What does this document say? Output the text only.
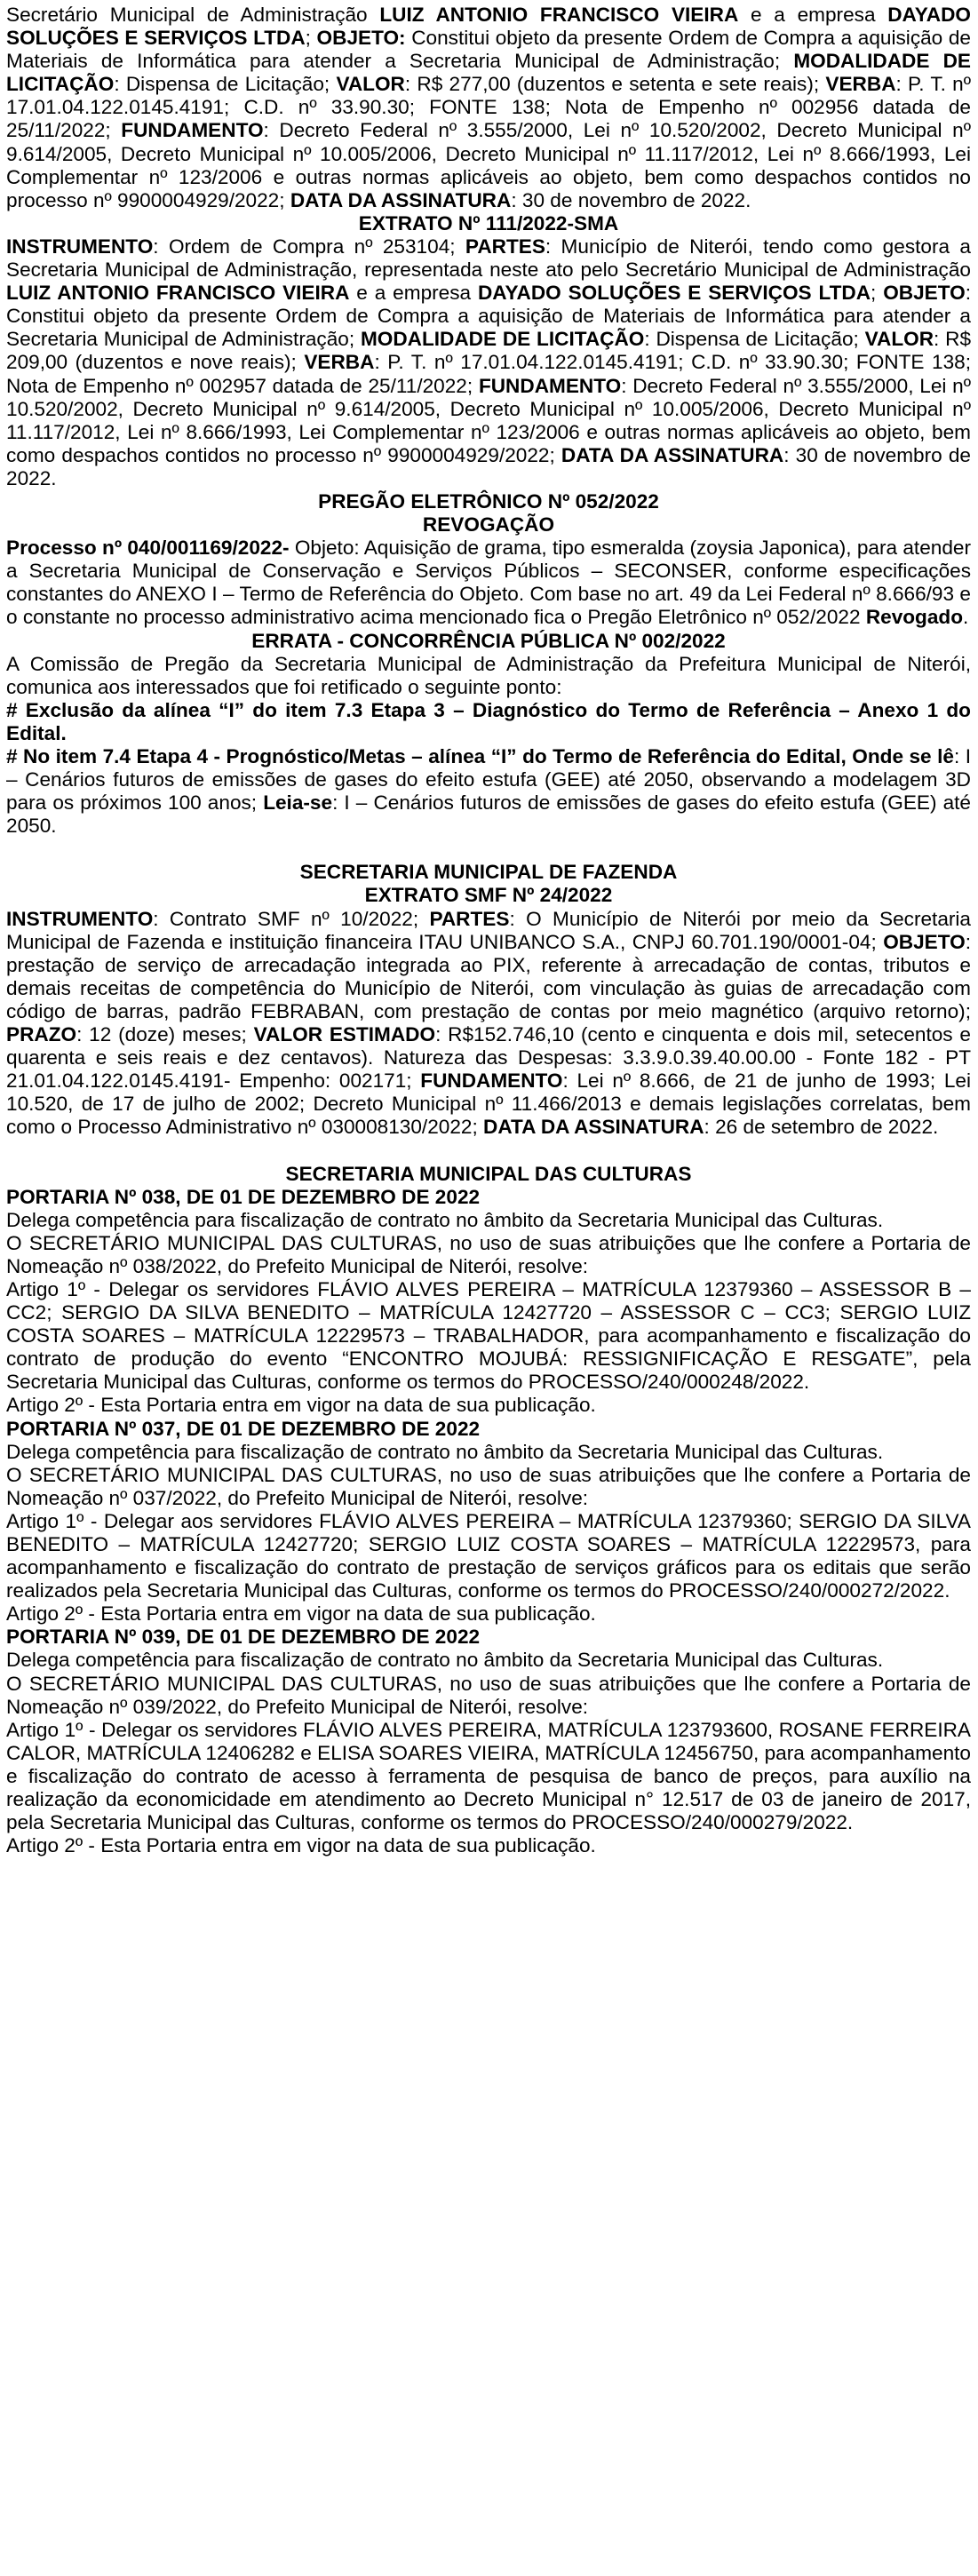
Secretário Municipal de Administração LUIZ ANTONIO FRANCISCO VIEIRA e a empresa DAYADO SOLUÇÕES E SERVIÇOS LTDA; OBJETO: Constitui objeto da presente Ordem de Compra a aquisição de Materiais de Informática para atender a Secretaria Municipal de Administração; MODALIDADE DE LICITAÇÃO: Dispensa de Licitação; VALOR: R$ 277,00 (duzentos e setenta e sete reais); VERBA: P. T. nº 17.01.04.122.0145.4191; C.D. nº 33.90.30; FONTE 138; Nota de Empenho nº 002956 datada de 25/11/2022; FUNDAMENTO: Decreto Federal nº 3.555/2000, Lei nº 10.520/2002, Decreto Municipal nº 9.614/2005, Decreto Municipal nº 10.005/2006, Decreto Municipal nº 11.117/2012, Lei nº 8.666/1993, Lei Complementar nº 123/2006 e outras normas aplicáveis ao objeto, bem como despachos contidos no processo nº 9900004929/2022; DATA DA ASSINATURA: 30 de novembro de 2022.

EXTRATO Nº 111/2022-SMA

INSTRUMENTO: Ordem de Compra nº 253104; PARTES: Município de Niterói, tendo como gestora a Secretaria Municipal de Administração, representada neste ato pelo Secretário Municipal de Administração LUIZ ANTONIO FRANCISCO VIEIRA e a empresa DAYADO SOLUÇÕES E SERVIÇOS LTDA; OBJETO: Constitui objeto da presente Ordem de Compra a aquisição de Materiais de Informática para atender a Secretaria Municipal de Administração; MODALIDADE DE LICITAÇÃO: Dispensa de Licitação; VALOR: R$ 209,00 (duzentos e nove reais); VERBA: P. T. nº 17.01.04.122.0145.4191; C.D. nº 33.90.30; FONTE 138; Nota de Empenho nº 002957 datada de 25/11/2022; FUNDAMENTO: Decreto Federal nº 3.555/2000, Lei nº 10.520/2002, Decreto Municipal nº 9.614/2005, Decreto Municipal nº 10.005/2006, Decreto Municipal nº 11.117/2012, Lei nº 8.666/1993, Lei Complementar nº 123/2006 e outras normas aplicáveis ao objeto, bem como despachos contidos no processo nº 9900004929/2022; DATA DA ASSINATURA: 30 de novembro de 2022.

PREGÃO ELETRÔNICO Nº 052/2022

REVOGAÇÃO

Processo nº 040/001169/2022- Objeto: Aquisição de grama, tipo esmeralda (zoysia Japonica), para atender a Secretaria Municipal de Conservação e Serviços Públicos – SECONSER, conforme especificações constantes do ANEXO I – Termo de Referência do Objeto. Com base no art. 49 da Lei Federal nº 8.666/93 e o constante no processo administrativo acima mencionado fica o Pregão Eletrônico nº 052/2022 Revogado.

ERRATA - CONCORRÊNCIA PÚBLICA Nº 002/2022

A Comissão de Pregão da Secretaria Municipal de Administração da Prefeitura Municipal de Niterói, comunica aos interessados que foi retificado o seguinte ponto:

# Exclusão da alínea “I” do item 7.3 Etapa 3 – Diagnóstico do Termo de Referência – Anexo 1 do Edital.

# No item 7.4 Etapa 4 - Prognóstico/Metas – alínea “I” do Termo de Referência do Edital, Onde se lê: I – Cenários futuros de emissões de gases do efeito estufa (GEE) até 2050, observando a modelagem 3D para os próximos 100 anos; Leia-se: I – Cenários futuros de emissões de gases do efeito estufa (GEE) até 2050.

SECRETARIA MUNICIPAL DE FAZENDA

EXTRATO SMF Nº 24/2022

INSTRUMENTO: Contrato SMF nº 10/2022; PARTES: O Município de Niterói por meio da Secretaria Municipal de Fazenda e instituição financeira ITAU UNIBANCO S.A., CNPJ 60.701.190/0001-04; OBJETO: prestação de serviço de arrecadação integrada ao PIX, referente à arrecadação de contas, tributos e demais receitas de competência do Município de Niterói, com vinculação às guias de arrecadação com código de barras, padrão FEBRABAN, com prestação de contas por meio magnético (arquivo retorno); PRAZO: 12 (doze) meses; VALOR ESTIMADO: R$152.746,10 (cento e cinquenta e dois mil, setecentos e quarenta e seis reais e dez centavos). Natureza das Despesas: 3.3.9.0.39.40.00.00 - Fonte 182 - PT 21.01.04.122.0145.4191- Empenho: 002171; FUNDAMENTO: Lei nº 8.666, de 21 de junho de 1993; Lei 10.520, de 17 de julho de 2002; Decreto Municipal nº 11.466/2013 e demais legislações correlatas, bem como o Processo Administrativo nº 030008130/2022; DATA DA ASSINATURA: 26 de setembro de 2022.

SECRETARIA MUNICIPAL DAS CULTURAS

PORTARIA Nº 038, DE 01 DE DEZEMBRO DE 2022

Delega competência para fiscalização de contrato no âmbito da Secretaria Municipal das Culturas.

O SECRETÁRIO MUNICIPAL DAS CULTURAS, no uso de suas atribuições que lhe confere a Portaria de Nomeação nº 038/2022, do Prefeito Municipal de Niterói, resolve:

Artigo 1º - Delegar os servidores FLÁVIO ALVES PEREIRA – MATRÍCULA 12379360 – ASSESSOR B – CC2; SERGIO DA SILVA BENEDITO – MATRÍCULA 12427720 – ASSESSOR C – CC3; SERGIO LUIZ COSTA SOARES – MATRÍCULA 12229573 – TRABALHADOR, para acompanhamento e fiscalização do contrato de produção do evento “ENCONTRO MOJUBÁ: RESSIGNIFICAÇÃO E RESGATE”, pela Secretaria Municipal das Culturas, conforme os termos do PROCESSO/240/000248/2022.

Artigo 2º - Esta Portaria entra em vigor na data de sua publicação.

PORTARIA Nº 037, DE 01 DE DEZEMBRO DE 2022

Delega competência para fiscalização de contrato no âmbito da Secretaria Municipal das Culturas.

O SECRETÁRIO MUNICIPAL DAS CULTURAS, no uso de suas atribuições que lhe confere a Portaria de Nomeação nº 037/2022, do Prefeito Municipal de Niterói, resolve:

Artigo 1º - Delegar aos servidores FLÁVIO ALVES PEREIRA – MATRÍCULA 12379360; SERGIO DA SILVA BENEDITO – MATRÍCULA 12427720; SERGIO LUIZ COSTA SOARES – MATRÍCULA 12229573, para acompanhamento e fiscalização do contrato de prestação de serviços gráficos para os editais que serão realizados pela Secretaria Municipal das Culturas, conforme os termos do PROCESSO/240/000272/2022.

Artigo 2º - Esta Portaria entra em vigor na data de sua publicação.

PORTARIA Nº 039, DE 01 DE DEZEMBRO DE 2022

Delega competência para fiscalização de contrato no âmbito da Secretaria Municipal das Culturas.

O SECRETÁRIO MUNICIPAL DAS CULTURAS, no uso de suas atribuições que lhe confere a Portaria de Nomeação nº 039/2022, do Prefeito Municipal de Niterói, resolve:

Artigo 1º - Delegar os servidores FLÁVIO ALVES PEREIRA, MATRÍCULA 123793600, ROSANE FERREIRA CALOR, MATRÍCULA 12406282 e ELISA SOARES VIEIRA, MATRÍCULA 12456750, para acompanhamento e fiscalização do contrato de acesso à ferramenta de pesquisa de banco de preços, para auxílio na realização da economicidade em atendimento ao Decreto Municipal n° 12.517 de 03 de janeiro de 2017, pela Secretaria Municipal das Culturas, conforme os termos do PROCESSO/240/000279/2022.

Artigo 2º - Esta Portaria entra em vigor na data de sua publicação.
